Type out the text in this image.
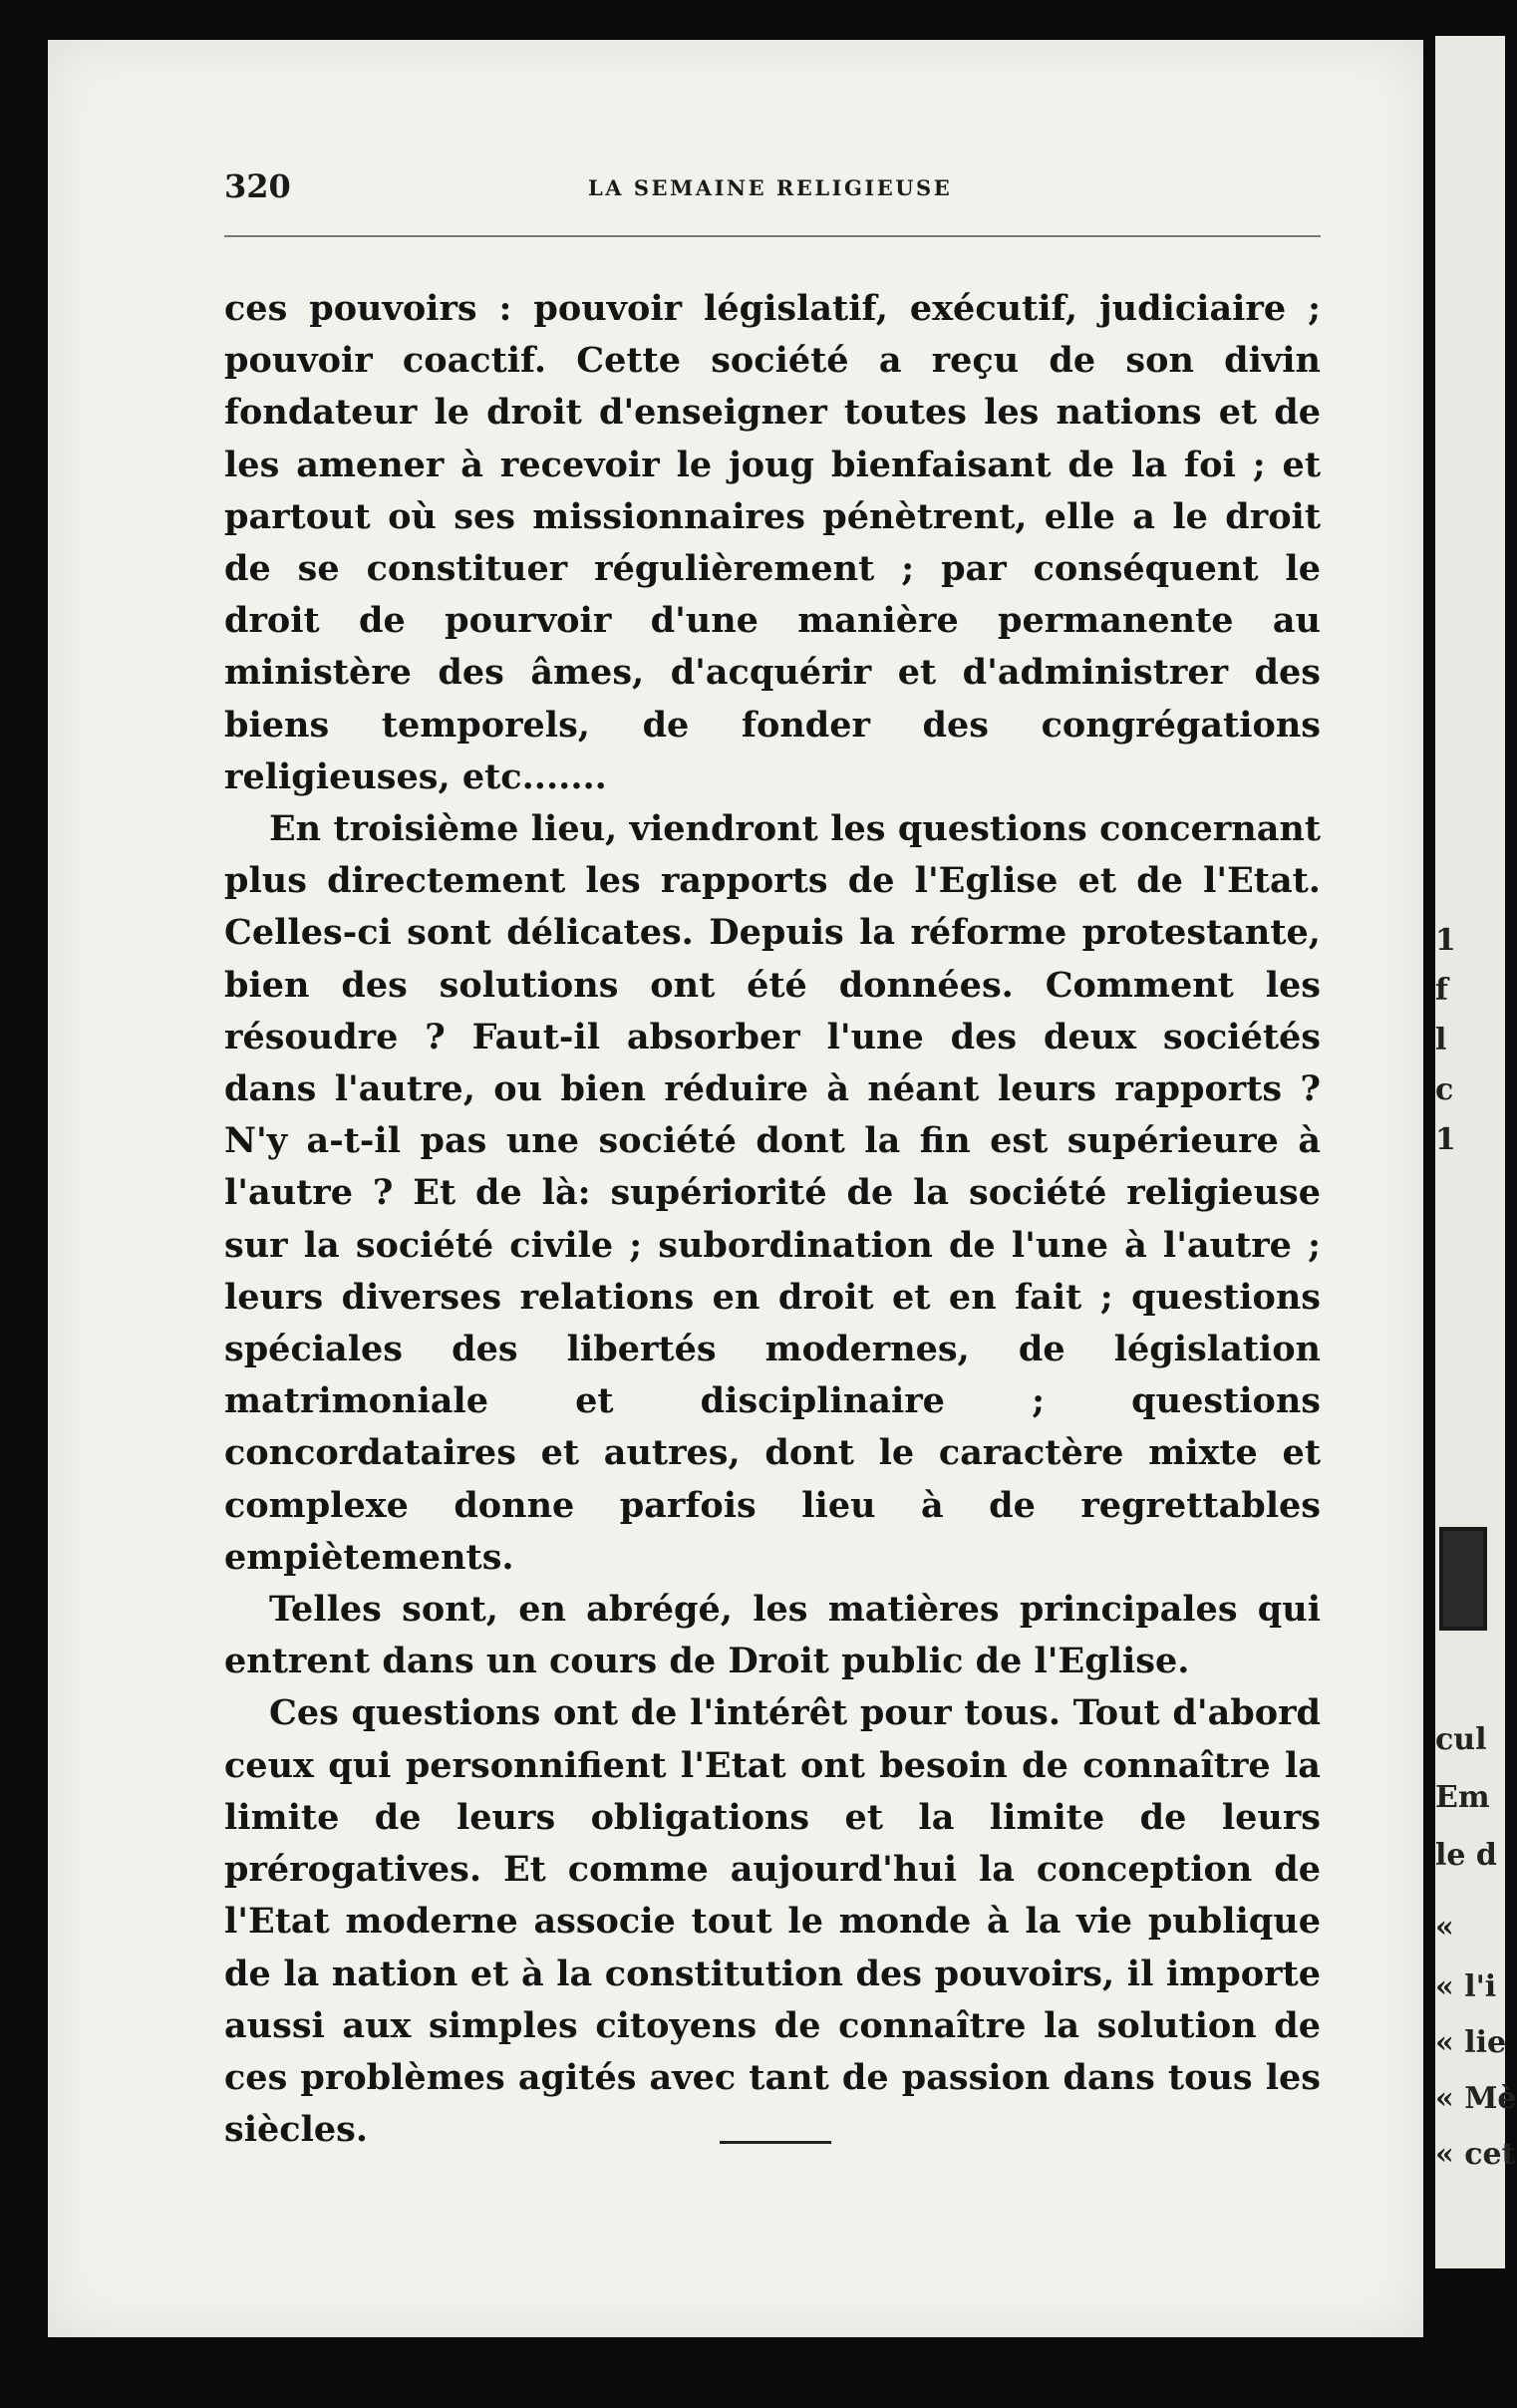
1
f
l
c
1
cul
Em
le d
«
« l'i
« lie
« Mè
« cet
320	LA SEMAINE RELIGIEUSE

ces pouvoirs : pouvoir législatif, exécutif, judiciaire ; pouvoir coactif. Cette société a reçu de son divin fondateur le droit d'enseigner toutes les nations et de les amener à recevoir le joug bienfaisant de la foi ; et partout où ses missionnaires pénètrent, elle a le droit de se constituer régulièrement ; par conséquent le droit de pourvoir d'une manière permanente au ministère des âmes, d'acquérir et d'administrer des biens temporels, de fonder des congrégations religieuses, etc.......

En troisième lieu, viendront les questions concernant plus directement les rapports de l'Eglise et de l'Etat. Celles-ci sont délicates. Depuis la réforme protestante, bien des solutions ont été données. Comment les résoudre ? Faut-il absorber l'une des deux sociétés dans l'autre, ou bien réduire à néant leurs rapports ? N'y a-t-il pas une société dont la fin est supérieure à l'autre ? Et de là: supériorité de la société religieuse sur la société civile ; subordination de l'une à l'autre ; leurs diverses relations en droit et en fait ; questions spéciales des libertés modernes, de législation matrimoniale et disciplinaire ; questions concordataires et autres, dont le caractère mixte et complexe donne parfois lieu à de regrettables empiètements.

Telles sont, en abrégé, les matières principales qui entrent dans un cours de Droit public de l'Eglise.

Ces questions ont de l'intérêt pour tous. Tout d'abord ceux qui personnifient l'Etat ont besoin de connaître la limite de leurs obligations et la limite de leurs prérogatives. Et comme aujourd'hui la conception de l'Etat moderne associe tout le monde à la vie publique de la nation et à la constitution des pouvoirs, il importe aussi aux simples citoyens de connaître la solution de ces problèmes agités avec tant de passion dans tous les siècles.
